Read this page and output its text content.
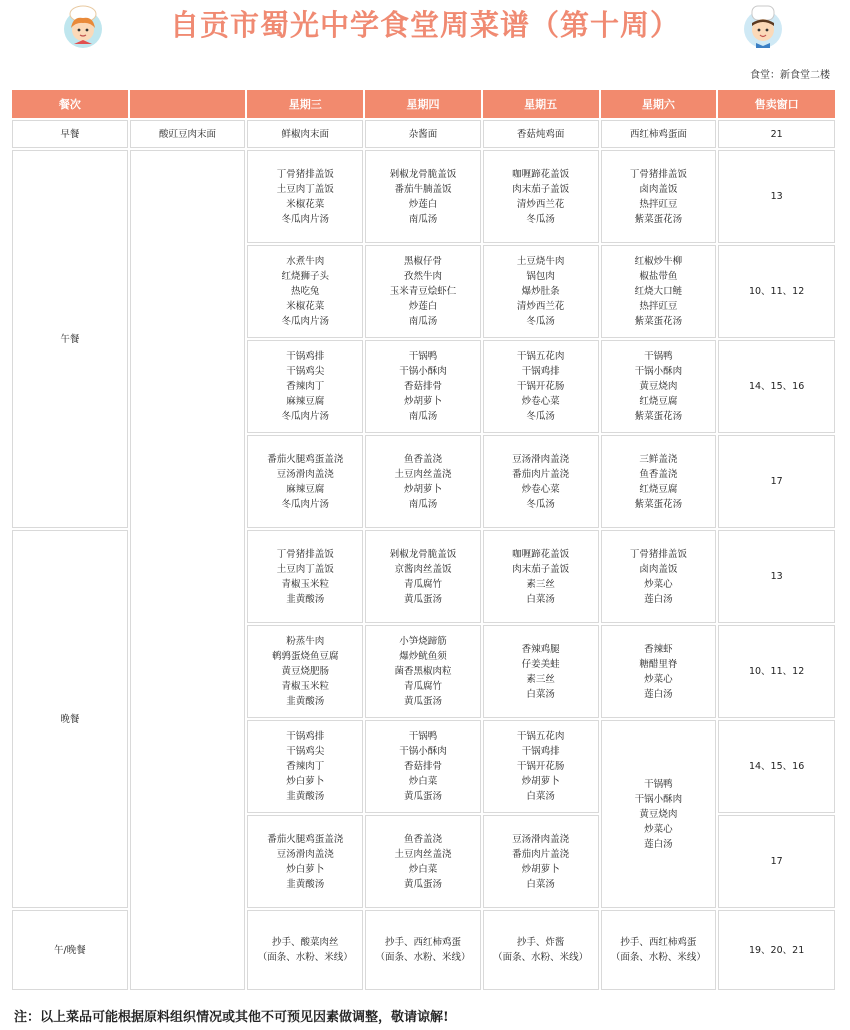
自贡市蜀光中学食堂周菜谱（第十周）
食堂：新食堂二楼
餐次		星期三	星期四	星期五	星期六	售卖窗口
早餐	酸豇豆肉末面	鲜椒肉末面	杂酱面	香菇炖鸡面	西红柿鸡蛋面	21
午餐		丁骨猪排盖饭
土豆肉丁盖饭
米椒花菜
冬瓜肉片汤	剁椒龙骨脆盖饭
番茄牛腩盖饭
炒莲白
南瓜汤	咖喱蹄花盖饭
肉末茄子盖饭
清炒西兰花
冬瓜汤	丁骨猪排盖饭
卤肉盖饭
热拌豇豆
紫菜蛋花汤	13

		水煮牛肉
红烧狮子头
热吃兔
米椒花菜
冬瓜肉片汤	黑椒仔骨
孜然牛肉
玉米青豆烩虾仁
炒莲白
南瓜汤	土豆烧牛肉
锅包肉
爆炒肚条
清炒西兰花
冬瓜汤	红椒炒牛柳
椒盐带鱼
红烧大口鲢
热拌豇豆
紫菜蛋花汤	10、11、12

		干锅鸡排
干锅鸡尖
香辣肉丁
麻辣豆腐
冬瓜肉片汤	干锅鸭
干锅小酥肉
香菇排骨
炒胡萝卜
南瓜汤	干锅五花肉
干锅鸡排
干锅开花肠
炒卷心菜
冬瓜汤	干锅鸭
干锅小酥肉
黄豆烧肉
红烧豆腐
紫菜蛋花汤	14、15、16

		番茄火腿鸡蛋盖浇
豆汤滑肉盖浇
麻辣豆腐
冬瓜肉片汤	鱼香盖浇
土豆肉丝盖浇
炒胡萝卜
南瓜汤	豆汤滑肉盖浇
番茄肉片盖浇
炒卷心菜
冬瓜汤	三鲜盖浇
鱼香盖浇
红烧豆腐
紫菜蛋花汤	17
晚餐		丁骨猪排盖饭
土豆肉丁盖饭
青椒玉米粒
韭黄酸汤	剁椒龙骨脆盖饭
京酱肉丝盖饭
青瓜腐竹
黄瓜蛋汤	咖喱蹄花盖饭
肉末茄子盖饭
素三丝
白菜汤	丁骨猪排盖饭
卤肉盖饭
炒菜心
莲白汤	13

		粉蒸牛肉
鹌鹑蛋烧鱼豆腐
黄豆烧肥肠
青椒玉米粒
韭黄酸汤	小笋烧蹄筋
爆炒鱿鱼须
菌香黑椒肉粒
青瓜腐竹
黄瓜蛋汤	香辣鸡腿
仔姜美蛙
素三丝
白菜汤	香辣虾
糖醋里脊
炒菜心
莲白汤	10、11、12

		干锅鸡排
干锅鸡尖
香辣肉丁
炒白萝卜
韭黄酸汤	干锅鸭
干锅小酥肉
香菇排骨
炒白菜
黄瓜蛋汤	干锅五花肉
干锅鸡排
干锅开花肠
炒胡萝卜
白菜汤	干锅鸭
干锅小酥肉
黄豆烧肉
炒菜心
莲白汤	14、15、16

		番茄火腿鸡蛋盖浇
豆汤滑肉盖浇
炒白萝卜
韭黄酸汤	鱼香盖浇
土豆肉丝盖浇
炒白菜
黄瓜蛋汤	豆汤滑肉盖浇
番茄肉片盖浇
炒胡萝卜
白菜汤		17
午/晚餐		抄手、酸菜肉丝
（面条、水粉、米线）	抄手、西红柿鸡蛋
（面条、水粉、米线）	抄手、炸酱
（面条、水粉、米线）	抄手、西红柿鸡蛋
（面条、水粉、米线）	19、20、21
注：以上菜品可能根据原料组织情况或其他不可预见因素做调整，敬请谅解!
